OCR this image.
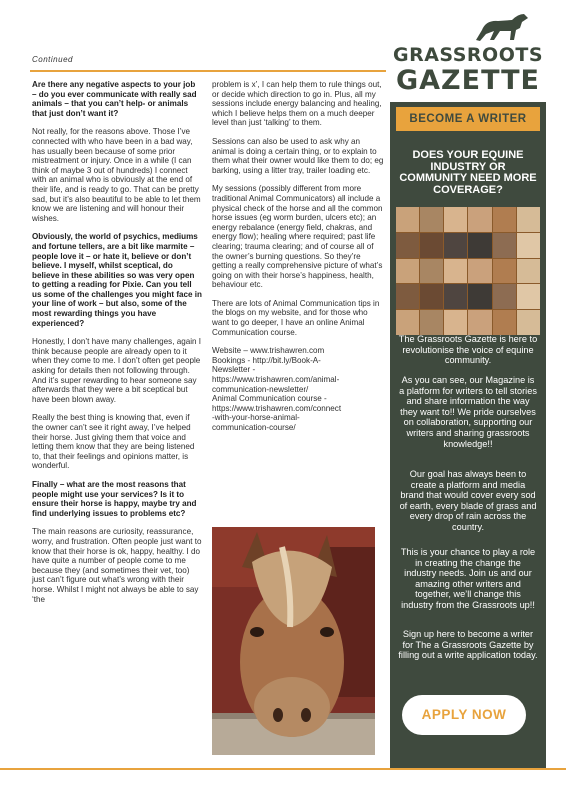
Continued

Are there any negative aspects to your job – do you ever communicate with really sad animals – that you can’t help- or animals that just don’t want it?

Not really, for the reasons above. Those I’ve connected with who have been in a bad way, has usually been because of some prior mistreatment or injury. Once in a while (I can think of maybe 3 out of hundreds) I connect with an animal who is obviously at the end of their life, and is ready to go. That can be pretty sad, but it’s also beautiful to be able to let them know we are listening and will honour their wishes.

Obviously, the world of psychics, mediums and fortune tellers, are a bit like marmite – people love it – or hate it, believe or don’t believe. I myself, whilst sceptical, do believe in these abilities so was very open to getting a reading for Pixie. Can you tell us some of the challenges you might face in your line of work – but also, some of the most rewarding things you have experienced?

Honestly, I don’t have many challenges, again I think because people are already open to it when they come to me. I don’t often get people asking for details then not following through. And it’s super rewarding to hear someone say afterwards that they were a bit sceptical but have been blown away.

Really the best thing is knowing that, even if the owner can’t see it right away, I’ve helped their horse. Just giving them that voice and letting them know that they are being listened to, that their feelings and opinions matter, is wonderful.

Finally – what are the most reasons that people might use your services? Is it to ensure their horse is happy, maybe try and find underlying issues to problems etc?

The main reasons are curiosity, reassurance, worry, and frustration. Often people just want to know that their horse is ok, happy, healthy. I do have quite a number of people come to me because they (and sometimes their vet, too) just can’t figure out what’s wrong with their horse. Whilst I might not always be able to say ‘the

problem is x’, I can help them to rule things out, or decide which direction to go in. Plus, all my sessions include energy balancing and healing, which I believe helps them on a much deeper level than just ‘talking’ to them.

Sessions can also be used to ask why an animal is doing a certain thing, or to explain to them what their owner would like them to do; eg barking, using a litter tray, trailer loading etc.

My sessions (possibly different from more traditional Animal Communicators) all include a physical check of the horse and all the common horse issues (eg worm burden, ulcers etc); an energy rebalance (energy field, chakras, and energy flow); healing where required; past life clearing; trauma clearing; and of course all of the owner’s burning questions. So they’re getting a really comprehensive picture of what’s going on with their horse’s happiness, health, behaviour etc.

There are lots of Animal Communication tips in the blogs on my website, and for those who want to go deeper, I have an online Animal Communication course.

Website – www.trishawren.com
Bookings - http://bit.ly/Book-A-
Newsletter -
https://www.trishawren.com/animal-
communication-newsletter/
Animal Communication course -
https://www.trishawren.com/connect
-with-your-horse-animal-
communication-course/
GRASSROOTS
GAZETTE
BECOME A WRITER
DOES YOUR EQUINE INDUSTRY OR COMMUNITY NEED MORE COVERAGE?
The Grassroots Gazette is here to revolutionise the voice of equine community.
As you can see, our Magazine is a platform for writers to tell stories and share information the way they want to!! We pride ourselves on collaboration, supporting our writers and sharing grassroots knowledge!!
Our goal has always been to create a platform and media brand that would cover every sod of earth, every blade of grass and every drop of rain across the country.
This is your chance to play a role in creating the change the industry needs. Join us and our amazing other writers and together, we’ll change this industry from the Grassroots up!!
Sign up here to become a writer for The a Grassroots Gazette by filling out a write application today.
APPLY NOW
